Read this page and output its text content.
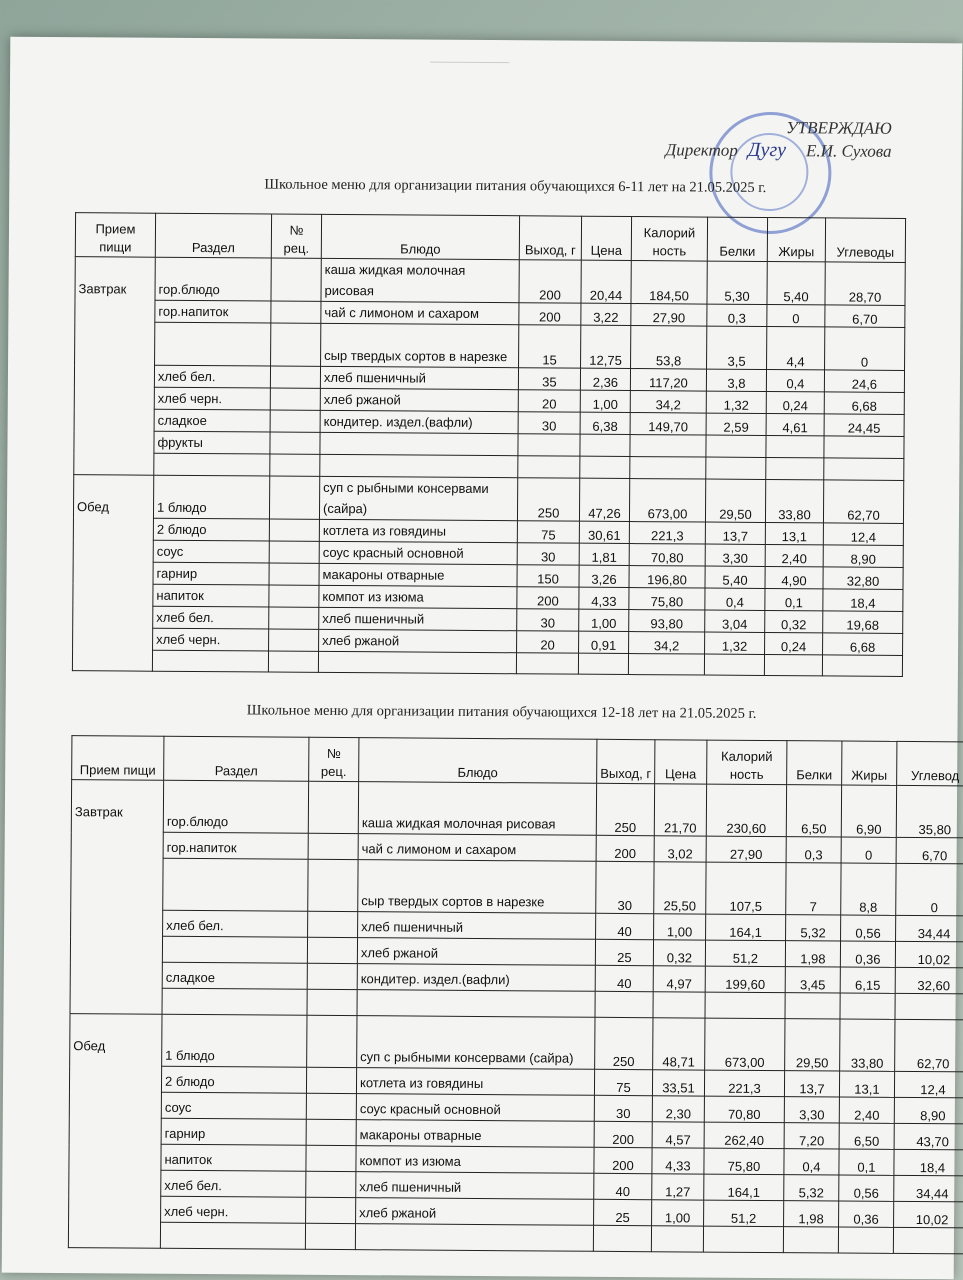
УТВЕРЖДАЮ
Директор Дугу Е.И. Сухова
Школьное меню для организации питания обучающихся 6-11 лет на 21.05.2025 г.
Прием пищи	Раздел	№ рец.	Блюдо	Выход, г	Цена	Калорий ность	Белки	Жиры	Углеводы
Завтрак	гор.блюдо		каша жидкая молочная рисовая	200	20,44	184,50	5,30	5,40	28,70
	гор.напиток		чай с лимоном и сахаром	200	3,22	27,90	0,3	0	6,70
			сыр твердых сортов в нарезке	15	12,75	53,8	3,5	4,4	0
	хлеб бел.		хлеб пшеничный	35	2,36	117,20	3,8	0,4	24,6
	хлеб черн.		хлеб ржаной	20	1,00	34,2	1,32	0,24	6,68
	сладкое		кондитер. издел.(вафли)	30	6,38	149,70	2,59	4,61	24,45
	фрукты								

Обед	1 блюдо		суп с рыбными консервами (сайра)	250	47,26	673,00	29,50	33,80	62,70
	2 блюдо		котлета из говядины	75	30,61	221,3	13,7	13,1	12,4
	соус		соус красный основной	30	1,81	70,80	3,30	2,40	8,90
	гарнир		макароны отварные	150	3,26	196,80	5,40	4,90	32,80
	напиток		компот из изюма	200	4,33	75,80	0,4	0,1	18,4
	хлеб бел.		хлеб пшеничный	30	1,00	93,80	3,04	0,32	19,68
	хлеб черн.		хлеб ржаной	20	0,91	34,2	1,32	0,24	6,68

Школьное меню для организации питания обучающихся 12-18 лет на 21.05.2025 г.
Прием пищи	Раздел	№ рец.	Блюдо	Выход, г	Цена	Калорий ность	Белки	Жиры	Углевод
Завтрак	гор.блюдо		каша жидкая молочная рисовая	250	21,70	230,60	6,50	6,90	35,80
	гор.напиток		чай с лимоном и сахаром	200	3,02	27,90	0,3	0	6,70
			сыр твердых сортов в нарезке	30	25,50	107,5	7	8,8	0
	хлеб бел.		хлеб пшеничный	40	1,00	164,1	5,32	0,56	34,44
			хлеб ржаной	25	0,32	51,2	1,98	0,36	10,02
	сладкое		кондитер. издел.(вафли)	40	4,97	199,60	3,45	6,15	32,60

Обед	1 блюдо		суп с рыбными консервами (сайра)	250	48,71	673,00	29,50	33,80	62,70
	2 блюдо		котлета из говядины	75	33,51	221,3	13,7	13,1	12,4
	соус		соус красный основной	30	2,30	70,80	3,30	2,40	8,90
	гарнир		макароны отварные	200	4,57	262,40	7,20	6,50	43,70
	напиток		компот из изюма	200	4,33	75,80	0,4	0,1	18,4
	хлеб бел.		хлеб пшеничный	40	1,27	164,1	5,32	0,56	34,44
	хлеб черн.		хлеб ржаной	25	1,00	51,2	1,98	0,36	10,02
